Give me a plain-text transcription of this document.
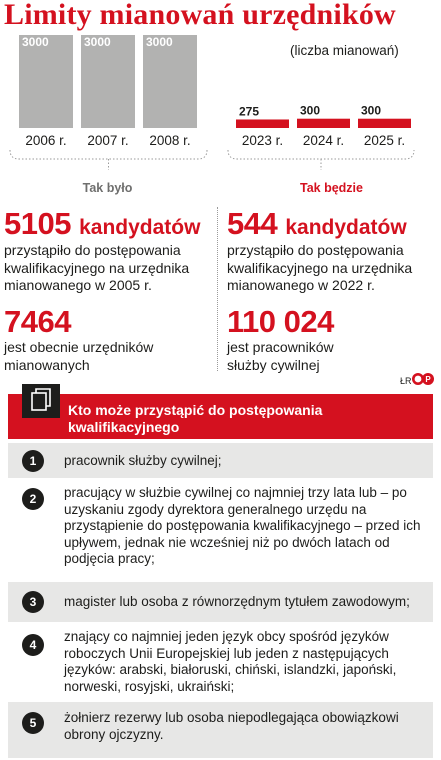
Limity mianowań urzędników
(liczba mianowań)
3000
2006 r.
3000
2007 r.
3000
2008 r.
275
2023 r.
300
2024 r.
300
2025 r.
Tak było	Tak będzie
5105 kandydatów
przystąpiło do postępowania kwalifikacyjnego na urzędnika mianowanego w 2005 r.
544 kandydatów
przystąpiło do postępowania kwalifikacyjnego na urzędnika mianowanego w 2022 r.
7464
jest obecnie urzędników mianowanych
110 024
jest pracowników służby cywilnej
ŁR P
Kto może przystąpić do postępowania kwalifikacyjnego
1	pracownik służby cywilnej;
2	pracujący w służbie cywilnej co najmniej trzy lata lub – po uzyskaniu zgody dyrektora generalnego urzędu na przystąpienie do postępowania kwalifikacyjnego – przed ich upływem, jednak nie wcześniej niż po dwóch latach od podjęcia pracy;
3	magister lub osoba z równorzędnym tytułem zawodowym;
4
znający co najmniej jeden język obcy spośród języków roboczych Unii Europejskiej lub jeden z następujących języków: arabski, białoruski, chiński, islandzki, japoński, norweski, rosyjski, ukraiński;
5	żołnierz rezerwy lub osoba niepodlegająca obowiązkowi obrony ojczyzny.
